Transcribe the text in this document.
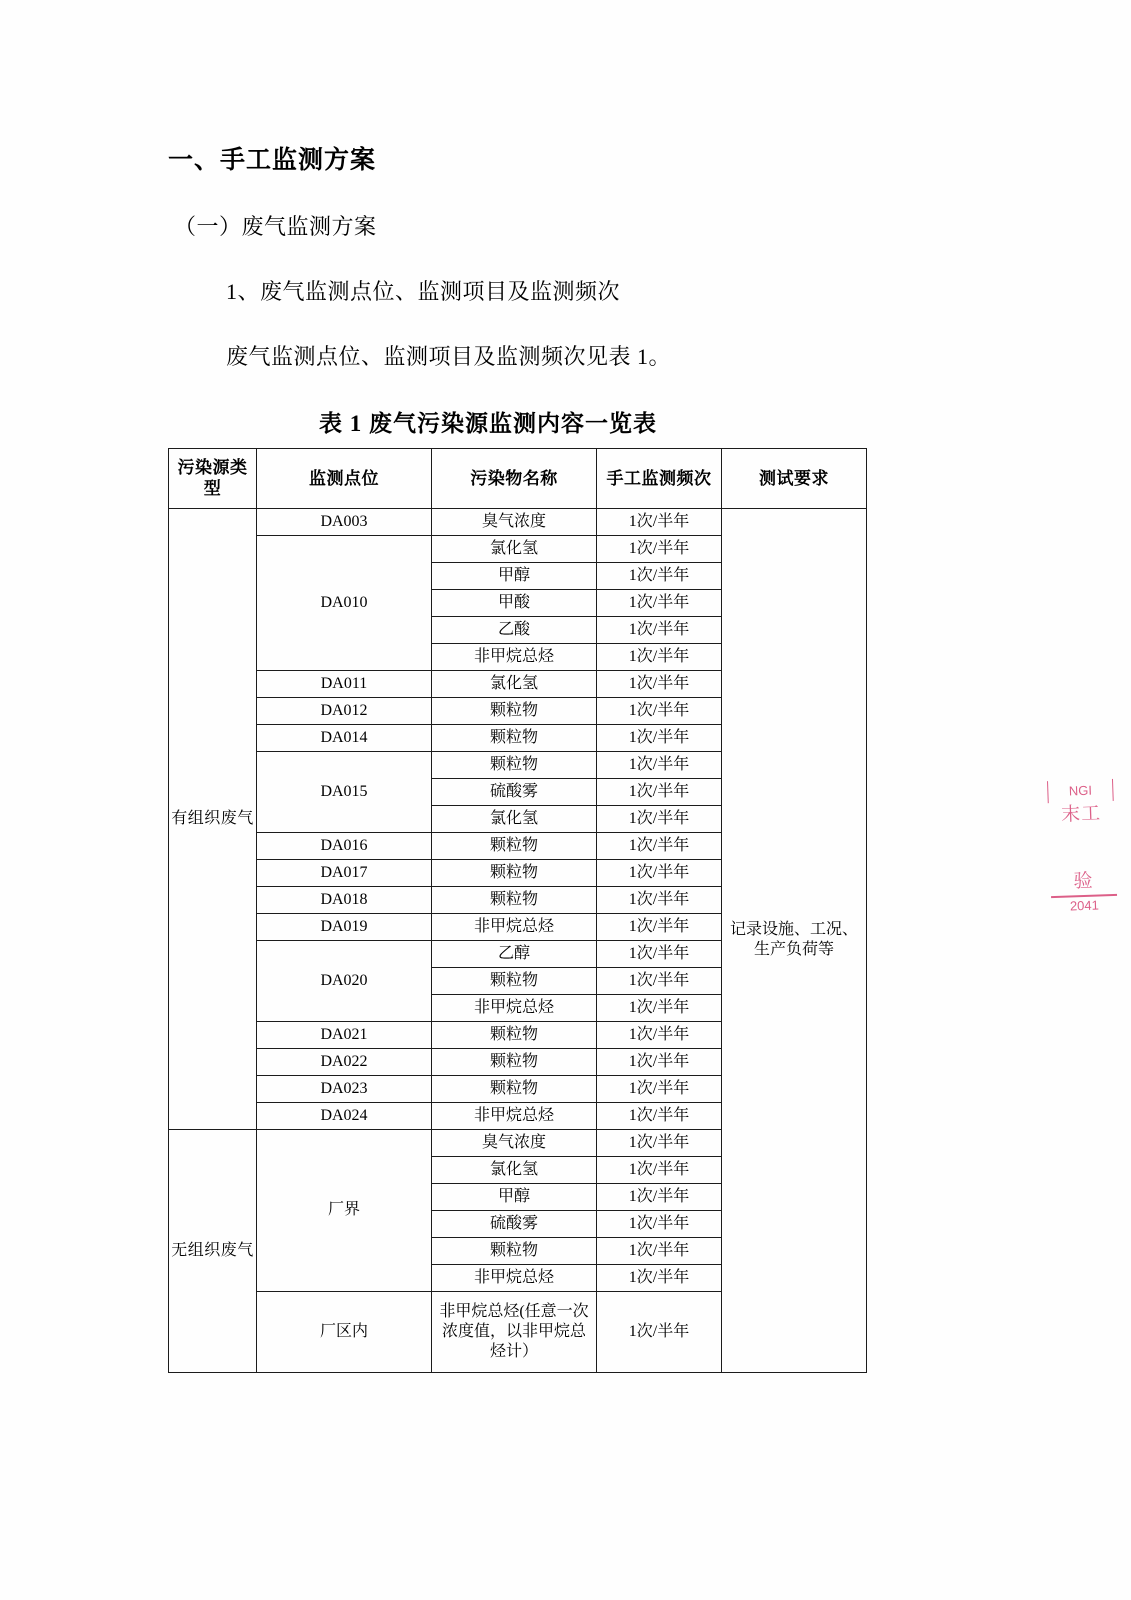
一、手工监测方案

（一）废气监测方案

1、废气监测点位、监测项目及监测频次

废气监测点位、监测项目及监测频次见表 1。

表 1 废气污染源监测内容一览表
污染源类型	监测点位	污染物名称	手工监测频次	测试要求
有组织废气	DA003	臭气浓度	1次/半年	记录设施、工况、生产负荷等
	DA010	氯化氢	1次/半年	
		甲醇	1次/半年	
		甲酸	1次/半年	
		乙酸	1次/半年	
		非甲烷总烃	1次/半年	
	DA011	氯化氢	1次/半年	
	DA012	颗粒物	1次/半年	
	DA014	颗粒物	1次/半年	
	DA015	颗粒物	1次/半年	
		硫酸雾	1次/半年	
		氯化氢	1次/半年	
	DA016	颗粒物	1次/半年	
	DA017	颗粒物	1次/半年	
	DA018	颗粒物	1次/半年	
	DA019	非甲烷总烃	1次/半年	
	DA020	乙醇	1次/半年	
		颗粒物	1次/半年	
		非甲烷总烃	1次/半年	
	DA021	颗粒物	1次/半年	
	DA022	颗粒物	1次/半年	
	DA023	颗粒物	1次/半年	
	DA024	非甲烷总烃	1次/半年	
无组织废气	厂界	臭气浓度	1次/半年	
		氯化氢	1次/半年	
		甲醇	1次/半年	
		硫酸雾	1次/半年	
		颗粒物	1次/半年	
		非甲烷总烃	1次/半年	
	厂区内	非甲烷总烃(任意一次浓度值，以非甲烷总烃计）	1次/半年	
NGI
末工
验
2041
